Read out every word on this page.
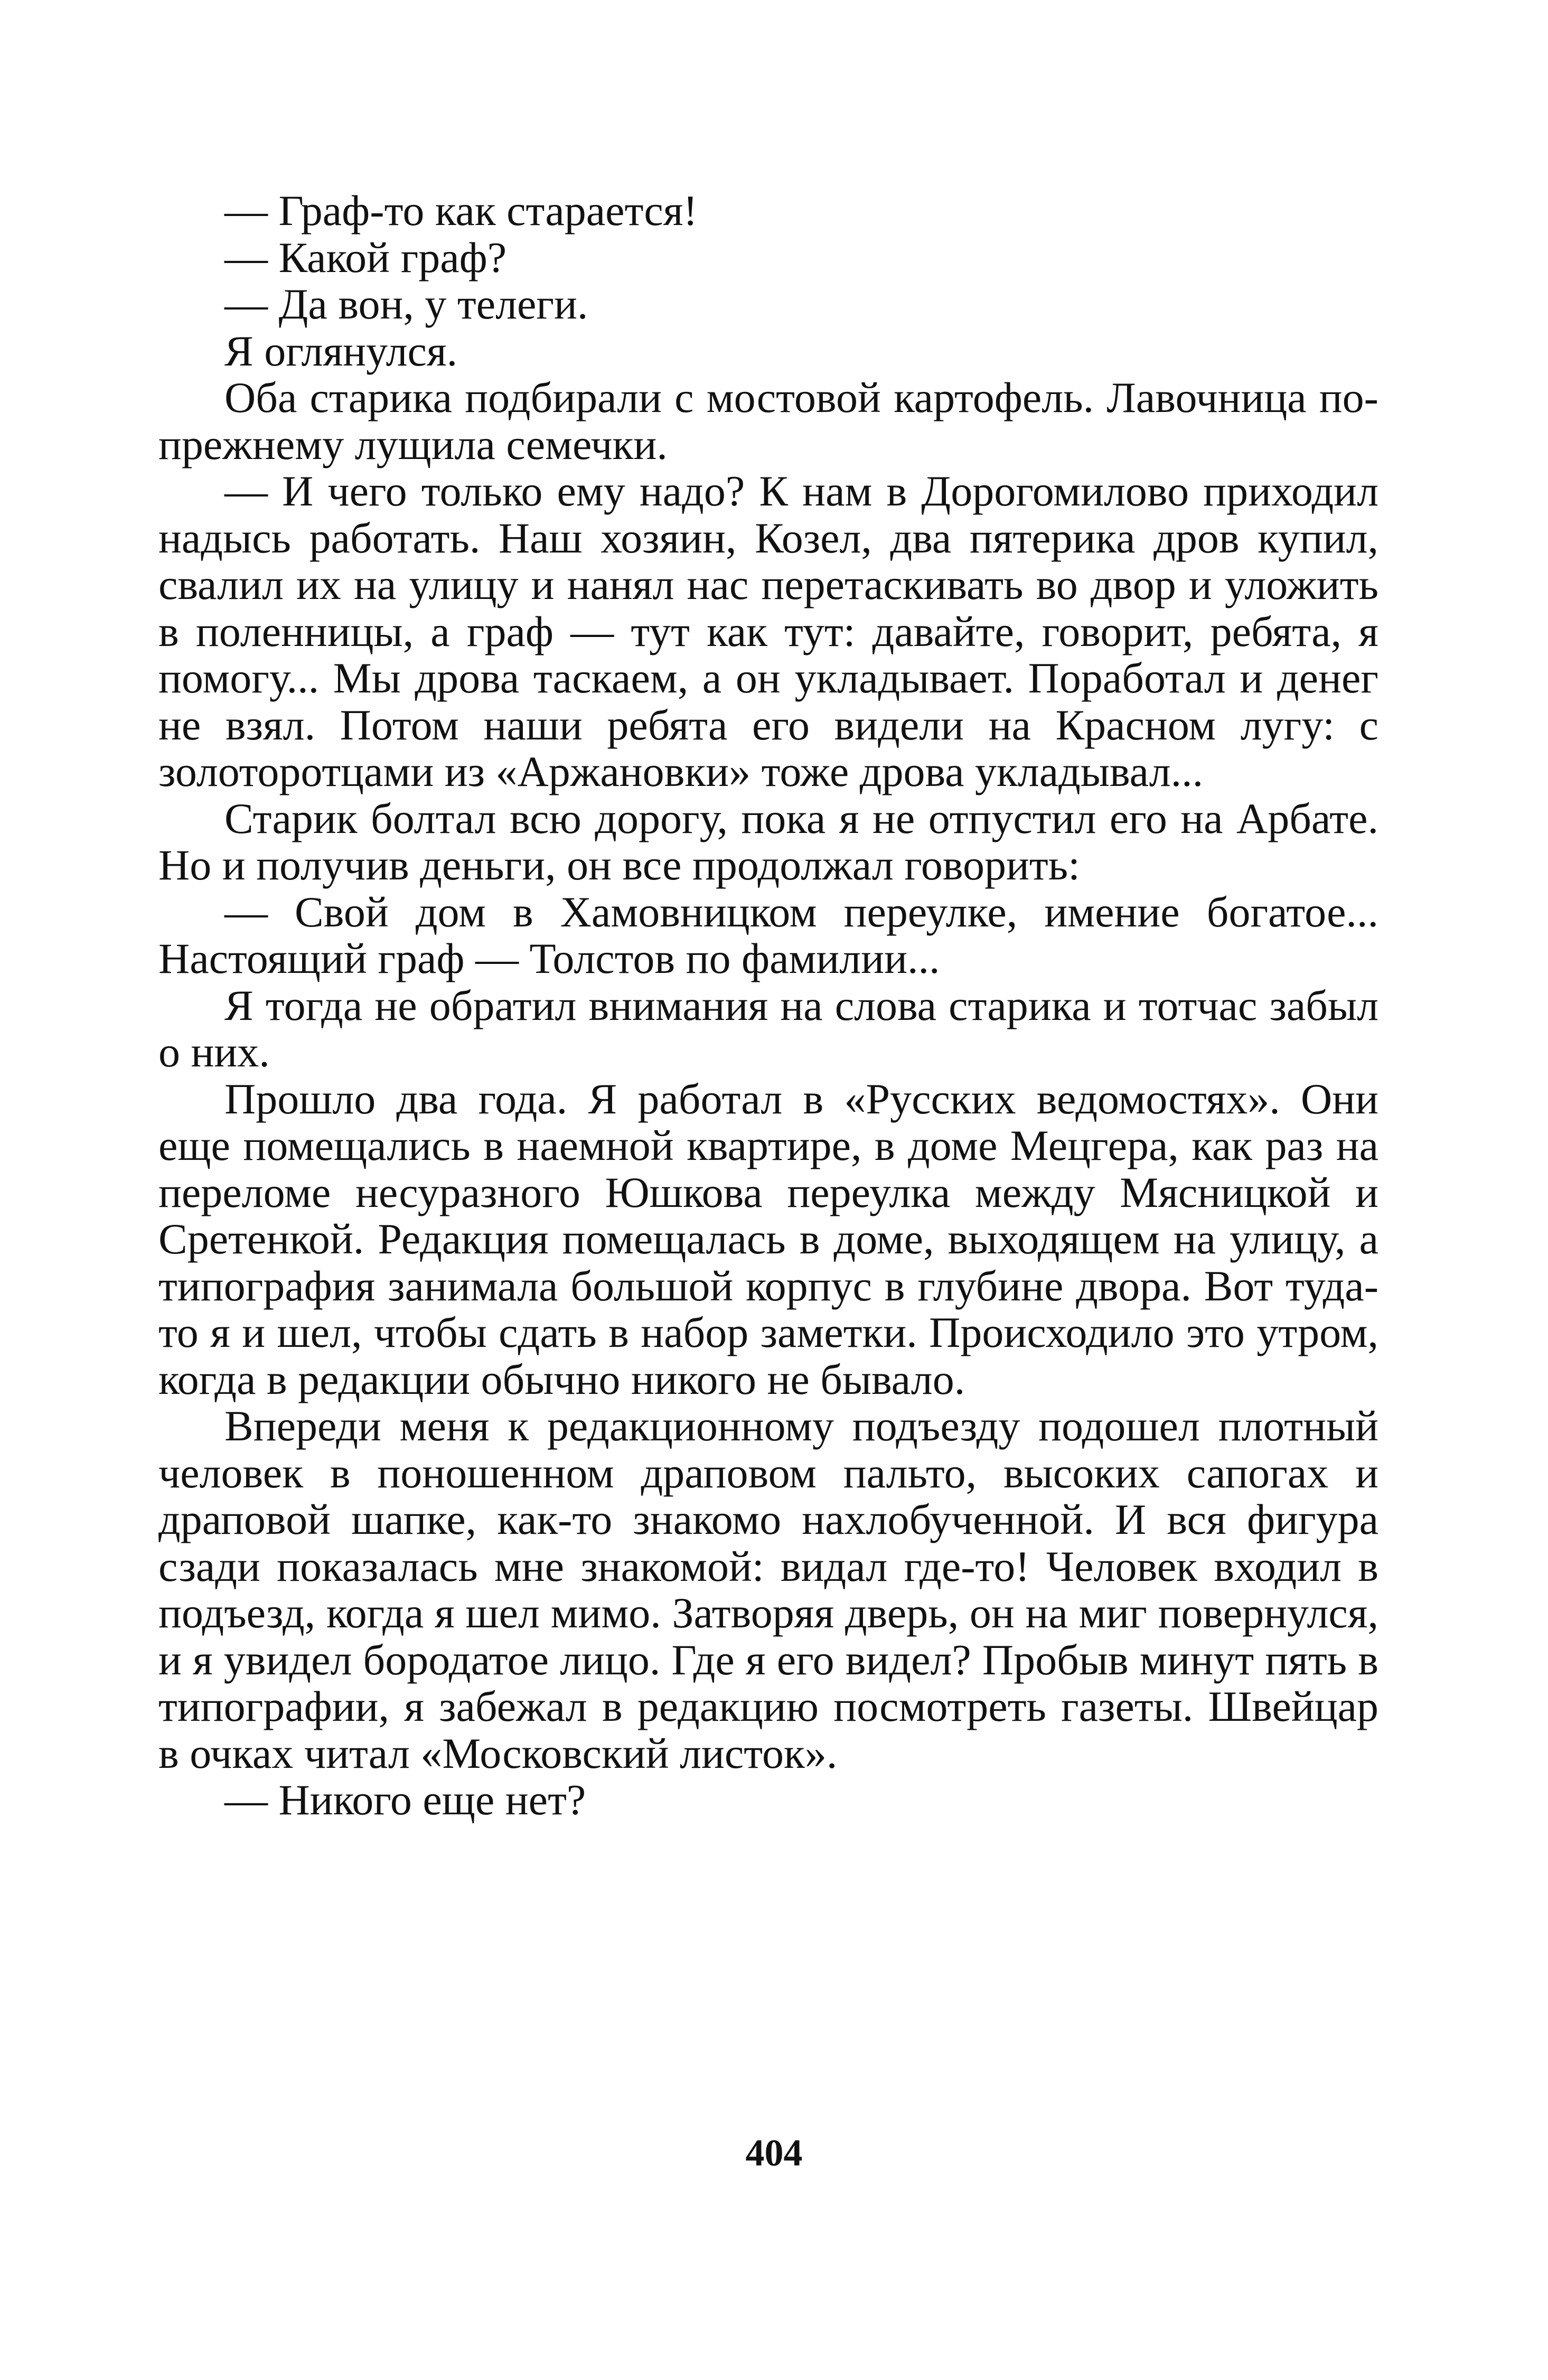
— Граф-то как старается!

— Какой граф?

— Да вон, у телеги.

Я оглянулся.

Оба старика подбирали с мостовой картофель. Лавочница по-прежнему лущила семечки.

— И чего только ему надо? К нам в Дорогомилово приходил надысь работать. Наш хозяин, Козел, два пятерика дров купил, свалил их на улицу и нанял нас перетаскивать во двор и уложить в поленницы, а граф — тут как тут: давайте, говорит, ребята, я помогу... Мы дрова таскаем, а он укладывает. Поработал и денег не взял. Потом наши ребята его видели на Красном лугу: с золоторотцами из «Аржановки» тоже дрова укладывал...

Старик болтал всю дорогу, пока я не отпустил его на Арбате. Но и получив деньги, он все продолжал говорить:

— Свой дом в Хамовницком переулке, имение богатое... Настоящий граф — Толстов по фамилии...

Я тогда не обратил внимания на слова старика и тотчас забыл о них.

Прошло два года. Я работал в «Русских ведомостях». Они еще помещались в наемной квартире, в доме Мецгера, как раз на переломе несуразного Юшкова переулка между Мясницкой и Сретенкой. Редакция помещалась в доме, выходящем на улицу, а типография занимала большой корпус в глубине двора. Вот туда-то я и шел, чтобы сдать в набор заметки. Происходило это утром, когда в редакции обычно никого не бывало.

Впереди меня к редакционному подъезду подошел плотный человек в поношенном драповом пальто, высоких сапогах и драповой шапке, как-то знакомо нахлобученной. И вся фигура сзади показалась мне знакомой: видал где-то! Человек входил в подъезд, когда я шел мимо. Затворяя дверь, он на миг повернулся, и я увидел бородатое лицо. Где я его видел? Пробыв минут пять в типографии, я забежал в редакцию посмотреть газеты. Швейцар в очках читал «Московский листок».

— Никого еще нет?

404
